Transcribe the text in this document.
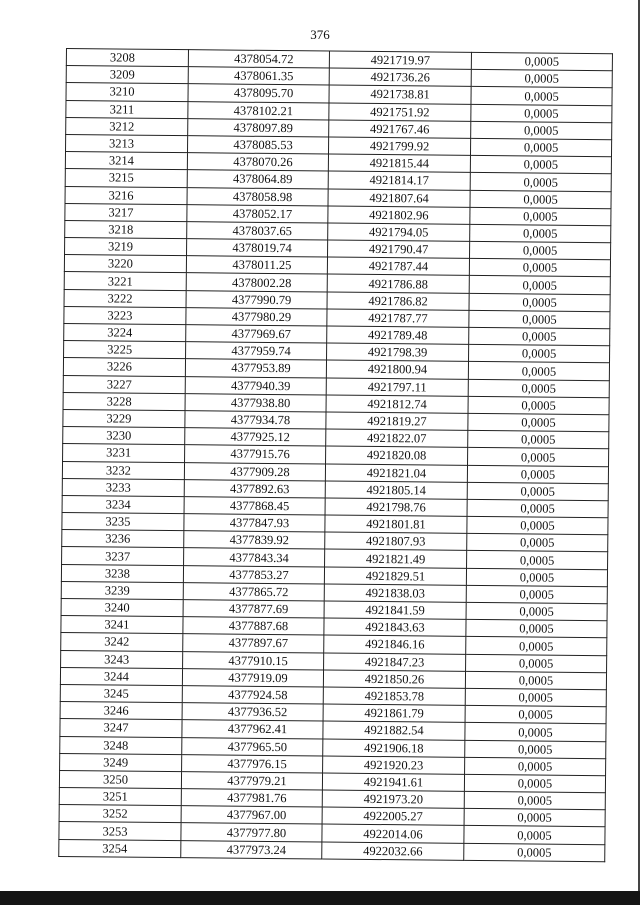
376
3208	4378054.72	4921719.97	0,0005
3209	4378061.35	4921736.26	0,0005
3210	4378095.70	4921738.81	0,0005
3211	4378102.21	4921751.92	0,0005
3212	4378097.89	4921767.46	0,0005
3213	4378085.53	4921799.92	0,0005
3214	4378070.26	4921815.44	0,0005
3215	4378064.89	4921814.17	0,0005
3216	4378058.98	4921807.64	0,0005
3217	4378052.17	4921802.96	0,0005
3218	4378037.65	4921794.05	0,0005
3219	4378019.74	4921790.47	0,0005
3220	4378011.25	4921787.44	0,0005
3221	4378002.28	4921786.88	0,0005
3222	4377990.79	4921786.82	0,0005
3223	4377980.29	4921787.77	0,0005
3224	4377969.67	4921789.48	0,0005
3225	4377959.74	4921798.39	0,0005
3226	4377953.89	4921800.94	0,0005
3227	4377940.39	4921797.11	0,0005
3228	4377938.80	4921812.74	0,0005
3229	4377934.78	4921819.27	0,0005
3230	4377925.12	4921822.07	0,0005
3231	4377915.76	4921820.08	0,0005
3232	4377909.28	4921821.04	0,0005
3233	4377892.63	4921805.14	0,0005
3234	4377868.45	4921798.76	0,0005
3235	4377847.93	4921801.81	0,0005
3236	4377839.92	4921807.93	0,0005
3237	4377843.34	4921821.49	0,0005
3238	4377853.27	4921829.51	0,0005
3239	4377865.72	4921838.03	0,0005
3240	4377877.69	4921841.59	0,0005
3241	4377887.68	4921843.63	0,0005
3242	4377897.67	4921846.16	0,0005
3243	4377910.15	4921847.23	0,0005
3244	4377919.09	4921850.26	0,0005
3245	4377924.58	4921853.78	0,0005
3246	4377936.52	4921861.79	0,0005
3247	4377962.41	4921882.54	0,0005
3248	4377965.50	4921906.18	0,0005
3249	4377976.15	4921920.23	0,0005
3250	4377979.21	4921941.61	0,0005
3251	4377981.76	4921973.20	0,0005
3252	4377967.00	4922005.27	0,0005
3253	4377977.80	4922014.06	0,0005
3254	4377973.24	4922032.66	0,0005
